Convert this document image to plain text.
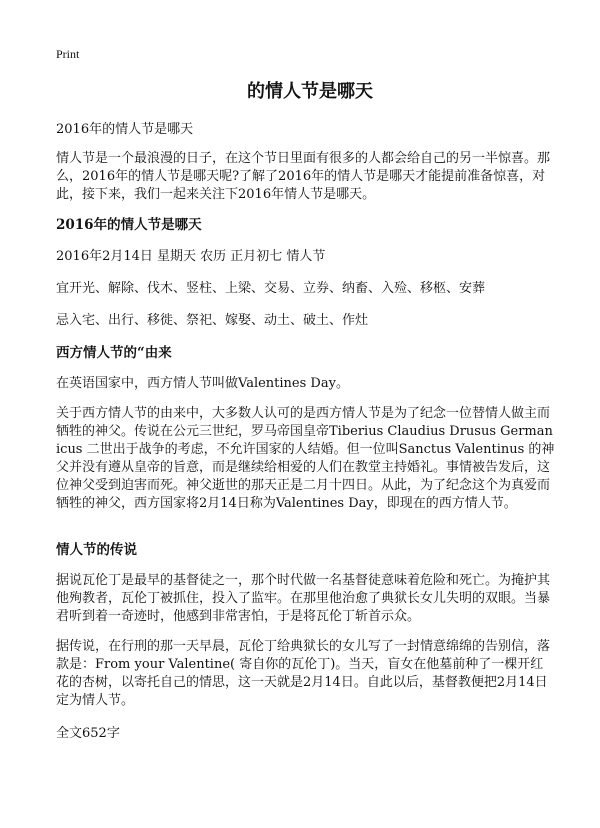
Print
的情人节是哪天

2016年的情人节是哪天

情人节是一个最浪漫的日子，在这个节日里面有很多的人都会给自己的另一半惊喜。那么，2016年的情人节是哪天呢?了解了2016年的情人节是哪天才能提前准备惊喜，对此，接下来，我们一起来关注下2016年情人节是哪天。

2016年的情人节是哪天

2016年2月14日 星期天 农历 正月初七 情人节

宜开光、解除、伐木、竖柱、上梁、交易、立券、纳畜、入殓、移柩、安葬

忌入宅、出行、移徙、祭祀、嫁娶、动土、破土、作灶

西方情人节的“由来

在英语国家中，西方情人节叫做Valentines Day。

关于西方情人节的由来中，大多数人认可的是西方情人节是为了纪念一位替情人做主而牺牲的神父。传说在公元三世纪，罗马帝国皇帝Tiberius Claudius Drusus Germanicus 二世出于战争的考虑，不允许国家的人结婚。但一位叫Sanctus Valentinus 的神父并没有遵从皇帝的旨意，而是继续给相爱的人们在教堂主持婚礼。事情被告发后，这位神父受到迫害而死。神父逝世的那天正是二月十四日。从此，为了纪念这个为真爱而牺牲的神父，西方国家将2月14日称为Valentines Day，即现在的西方情人节。

情人节的传说

据说瓦伦丁是最早的基督徒之一，那个时代做一名基督徒意味着危险和死亡。为掩护其他殉教者，瓦伦丁被抓住，投入了监牢。在那里他治愈了典狱长女儿失明的双眼。当暴君听到着一奇迹时，他感到非常害怕，于是将瓦伦丁斩首示众。

据传说，在行刑的那一天早晨，瓦伦丁给典狱长的女儿写了一封情意绵绵的告别信，落款是：From your Valentine( 寄自你的瓦伦丁)。当天，盲女在他墓前种了一棵开红花的杏树，以寄托自己的情思，这一天就是2月14日。自此以后，基督教便把2月14日定为情人节。

全文652字
